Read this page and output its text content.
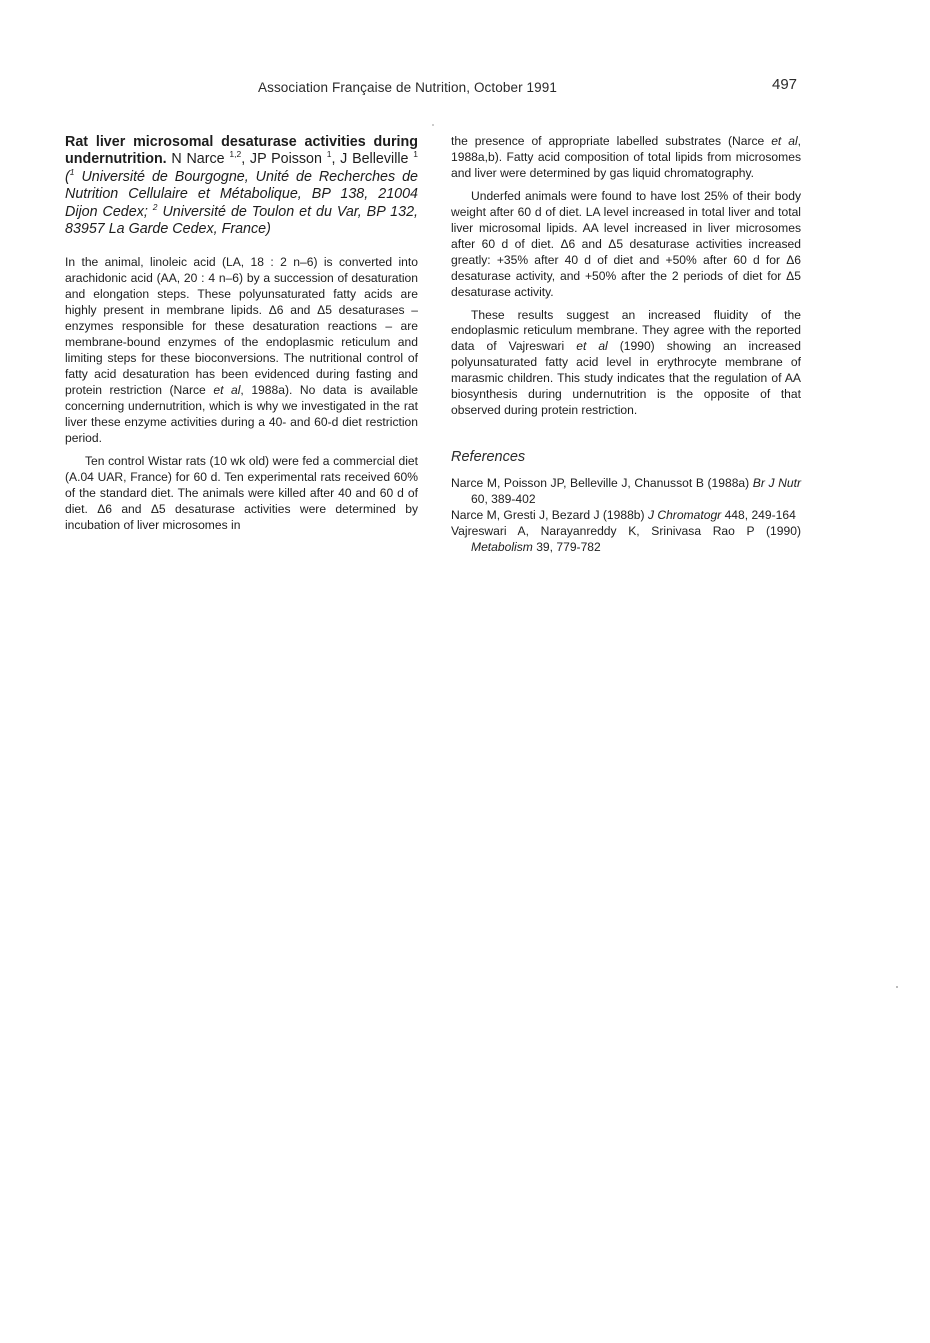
Association Française de Nutrition, October 1991	497
Rat liver microsomal desaturase activities during undernutrition. N Narce $^{1,2}$, JP Poisson $^1$, J Belleville $^1$ ($^1$ Université de Bourgogne, Unité de Recherches de Nutrition Cellulaire et Métabolique, BP 138, 21004 Dijon Cedex; $^2$ Université de Toulon et du Var, BP 132, 83957 La Garde Cedex, France)

In the animal, linoleic acid (LA, 18 : 2 n–6) is converted into arachidonic acid (AA, 20 : 4 n–6) by a succession of desaturation and elongation steps. These polyunsaturated fatty acids are highly present in membrane lipids. Δ6 and Δ5 desaturases – enzymes responsible for these desaturation reactions – are membrane-bound enzymes of the endoplasmic reticulum and limiting steps for these bioconversions. The nutritional control of fatty acid desaturation has been evidenced during fasting and protein restriction (Narce et al, 1988a). No data is available concerning undernutrition, which is why we investigated in the rat liver these enzyme activities during a 40- and 60-d diet restriction period.

Ten control Wistar rats (10 wk old) were fed a commercial diet (A.04 UAR, France) for 60 d. Ten experimental rats received 60% of the standard diet. The animals were killed after 40 and 60 d of diet. Δ6 and Δ5 desaturase activities were determined by incubation of liver microsomes in

the presence of appropriate labelled substrates (Narce et al, 1988a,b). Fatty acid composition of total lipids from microsomes and liver were determined by gas liquid chromatography.

Underfed animals were found to have lost 25% of their body weight after 60 d of diet. LA level increased in total liver and total liver microsomal lipids. AA level increased in liver microsomes after 60 d of diet. Δ6 and Δ5 desaturase activities increased greatly: +35% after 40 d of diet and +50% after 60 d for Δ6 desaturase activity, and +50% after the 2 periods of diet for Δ5 desaturase activity.

These results suggest an increased fluidity of the endoplasmic reticulum membrane. They agree with the reported data of Vajreswari et al (1990) showing an increased polyunsaturated fatty acid level in erythrocyte membrane of marasmic children. This study indicates that the regulation of AA biosynthesis during undernutrition is the opposite of that observed during protein restriction.

References

Narce M, Poisson JP, Belleville J, Chanussot B (1988a) Br J Nutr 60, 389-402

Narce M, Gresti J, Bezard J (1988b) J Chromatogr 448, 249-164

Vajreswari A, Narayanreddy K, Srinivasa Rao P (1990) Metabolism 39, 779-782
